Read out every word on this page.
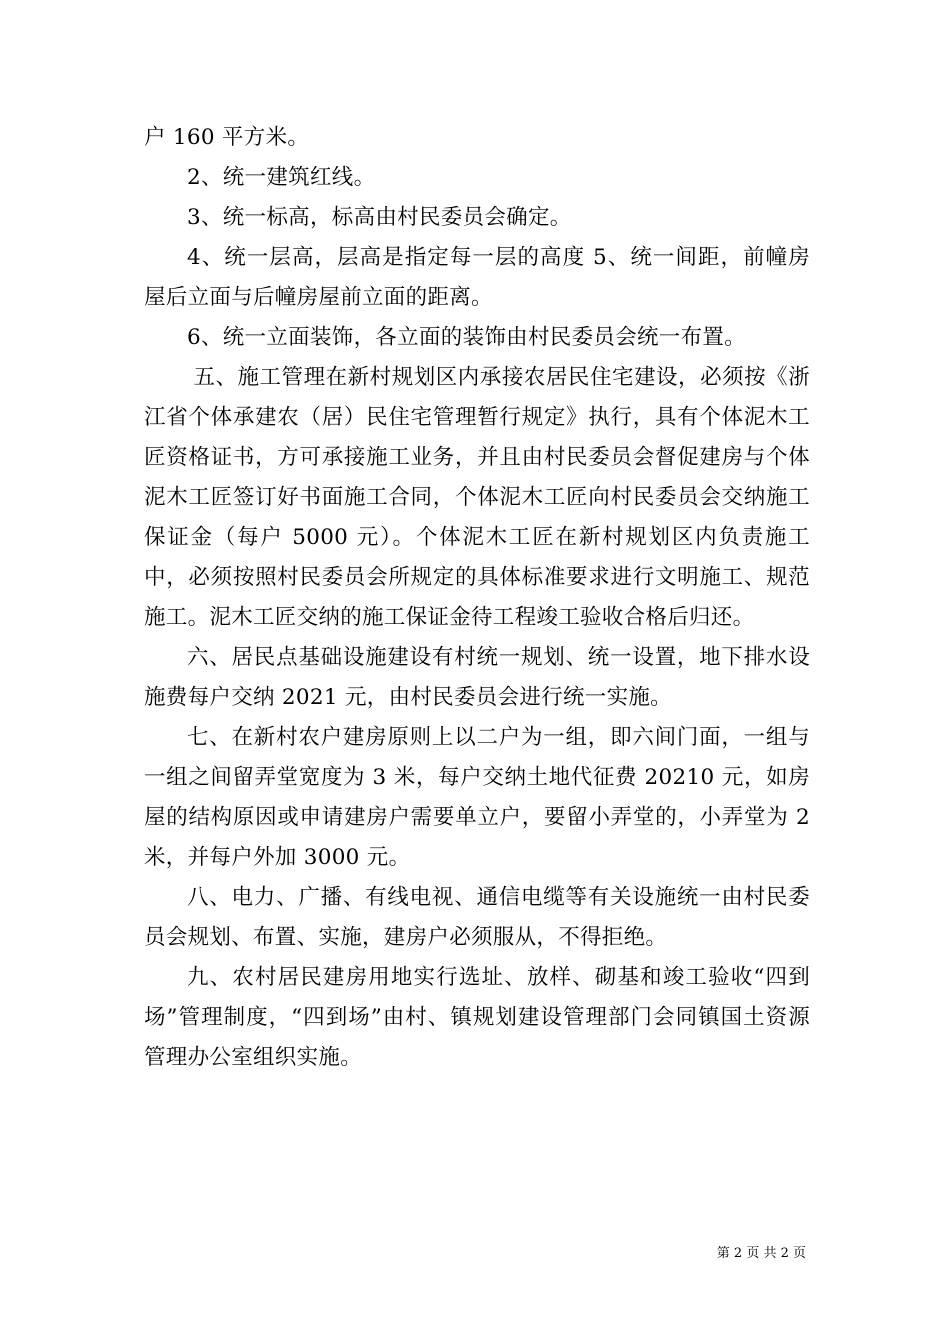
户 160 平方米。

2、统一建筑红线。

3、统一标高，标高由村民委员会确定。

4、统一层高，层高是指定每一层的高度 5、统一间距，前幢房屋后立面与后幢房屋前立面的距离。

6、统一立面装饰，各立面的装饰由村民委员会统一布置。

五、施工管理在新村规划区内承接农居民住宅建设，必须按《浙江省个体承建农（居）民住宅管理暂行规定》执行，具有个体泥木工匠资格证书，方可承接施工业务，并且由村民委员会督促建房与个体泥木工匠签订好书面施工合同，个体泥木工匠向村民委员会交纳施工保证金（每户 5000 元）。个体泥木工匠在新村规划区内负责施工中，必须按照村民委员会所规定的具体标准要求进行文明施工、规范施工。泥木工匠交纳的施工保证金待工程竣工验收合格后归还。

六、居民点基础设施建设有村统一规划、统一设置，地下排水设施费每户交纳 2021 元，由村民委员会进行统一实施。

七、在新村农户建房原则上以二户为一组，即六间门面，一组与一组之间留弄堂宽度为 3 米，每户交纳土地代征费 20210 元，如房屋的结构原因或申请建房户需要单立户，要留小弄堂的，小弄堂为 2 米，并每户外加 3000 元。

八、电力、广播、有线电视、通信电缆等有关设施统一由村民委员会规划、布置、实施，建房户必须服从，不得拒绝。

九、农村居民建房用地实行选址、放样、砌基和竣工验收“四到场”管理制度，“四到场”由村、镇规划建设管理部门会同镇国土资源管理办公室组织实施。

第 2 页 共 2 页
